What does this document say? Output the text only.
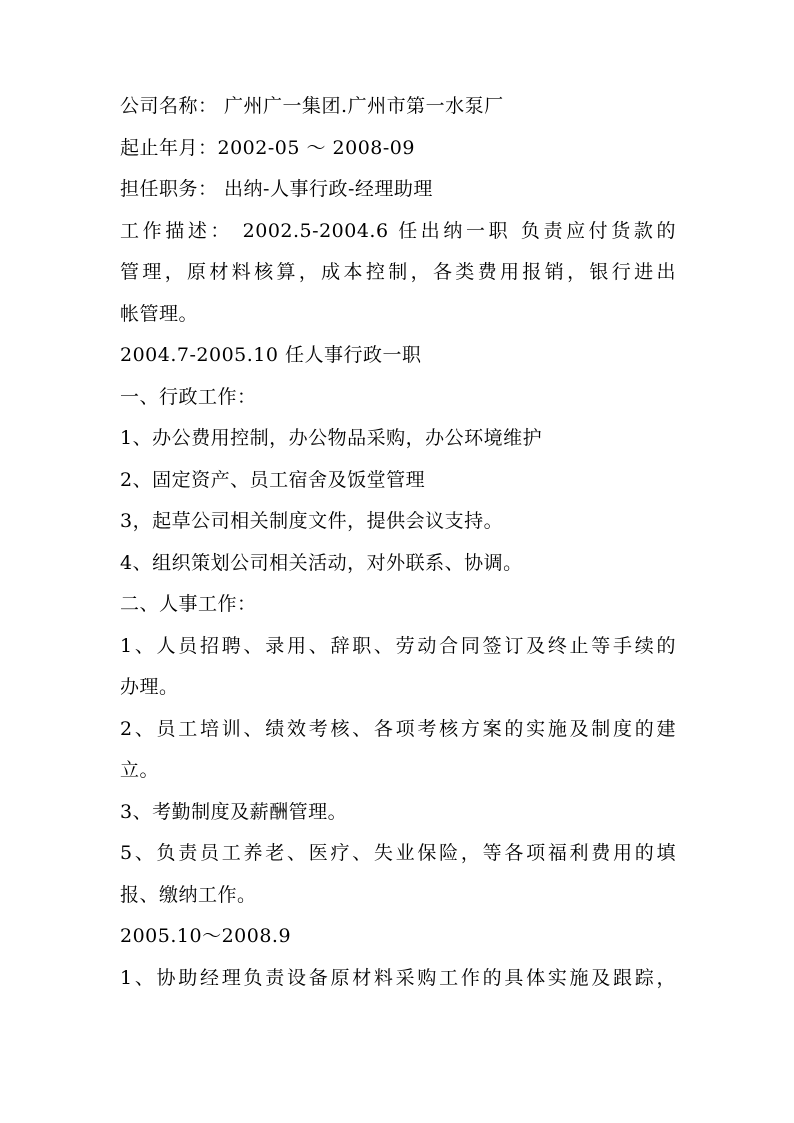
公司名称： 广州广一集团.广州市第一水泵厂
起止年月：2002-05 ～ 2008-09
担任职务： 出纳-人事行政-经理助理
工作描述： 2002.5-2004.6 任出纳一职 负责应付货款的
管理，原材料核算，成本控制，各类费用报销，银行进出
帐管理。
2004.7-2005.10 任人事行政一职
一、行政工作：
1、办公费用控制，办公物品采购，办公环境维护
2、固定资产、员工宿舍及饭堂管理
3，起草公司相关制度文件，提供会议支持。
4、组织策划公司相关活动，对外联系、协调。
二、人事工作：
1、人员招聘、录用、辞职、劳动合同签订及终止等手续的
办理。
2、员工培训、绩效考核、各项考核方案的实施及制度的建
立。
3、考勤制度及薪酬管理。
5、负责员工养老、医疗、失业保险，等各项福利费用的填
报、缴纳工作。
2005.10～2008.9
1、协助经理负责设备原材料采购工作的具体实施及跟踪，
